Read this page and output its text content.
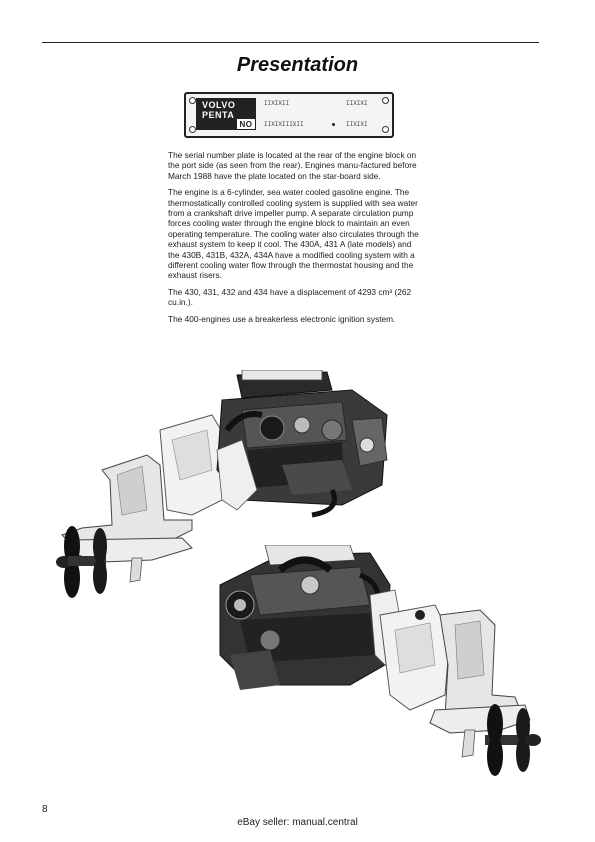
Presentation
VOLVO
PENTA
NO
ΙΙΧΙΧΙΙ	ΙΙΧΙΧΙ
ΙΙΧΙΧΙΙΙΧΙΙ	ΙΙΧΙΧΙ

The serial number plate is located at the rear of the engine block on the port side (as seen from the rear). Engines manu-factured before March 1988 have the plate located on the star-board side.

The engine is a 6-cylinder, sea water cooled gasoline engine. The thermostatically controlled cooling system is supplied with sea water from a crankshaft drive impeller pump. A separate circulation pump forces cooling water through the engine block to maintain an even operating temperature. The cooling water also circulates through the exhaust system to keep it cool. The 430A, 431 A (late models) and the 430B, 431B, 432A, 434A have a modified cooling system with a different cooling water flow through the thermostat housing and the exhaust risers.

The 430, 431, 432 and 434 have a displacement of 4293 cm³ (262 cu.in.).

The 400-engines use a breakerless electronic ignition system.

8
eBay seller: manual.central
